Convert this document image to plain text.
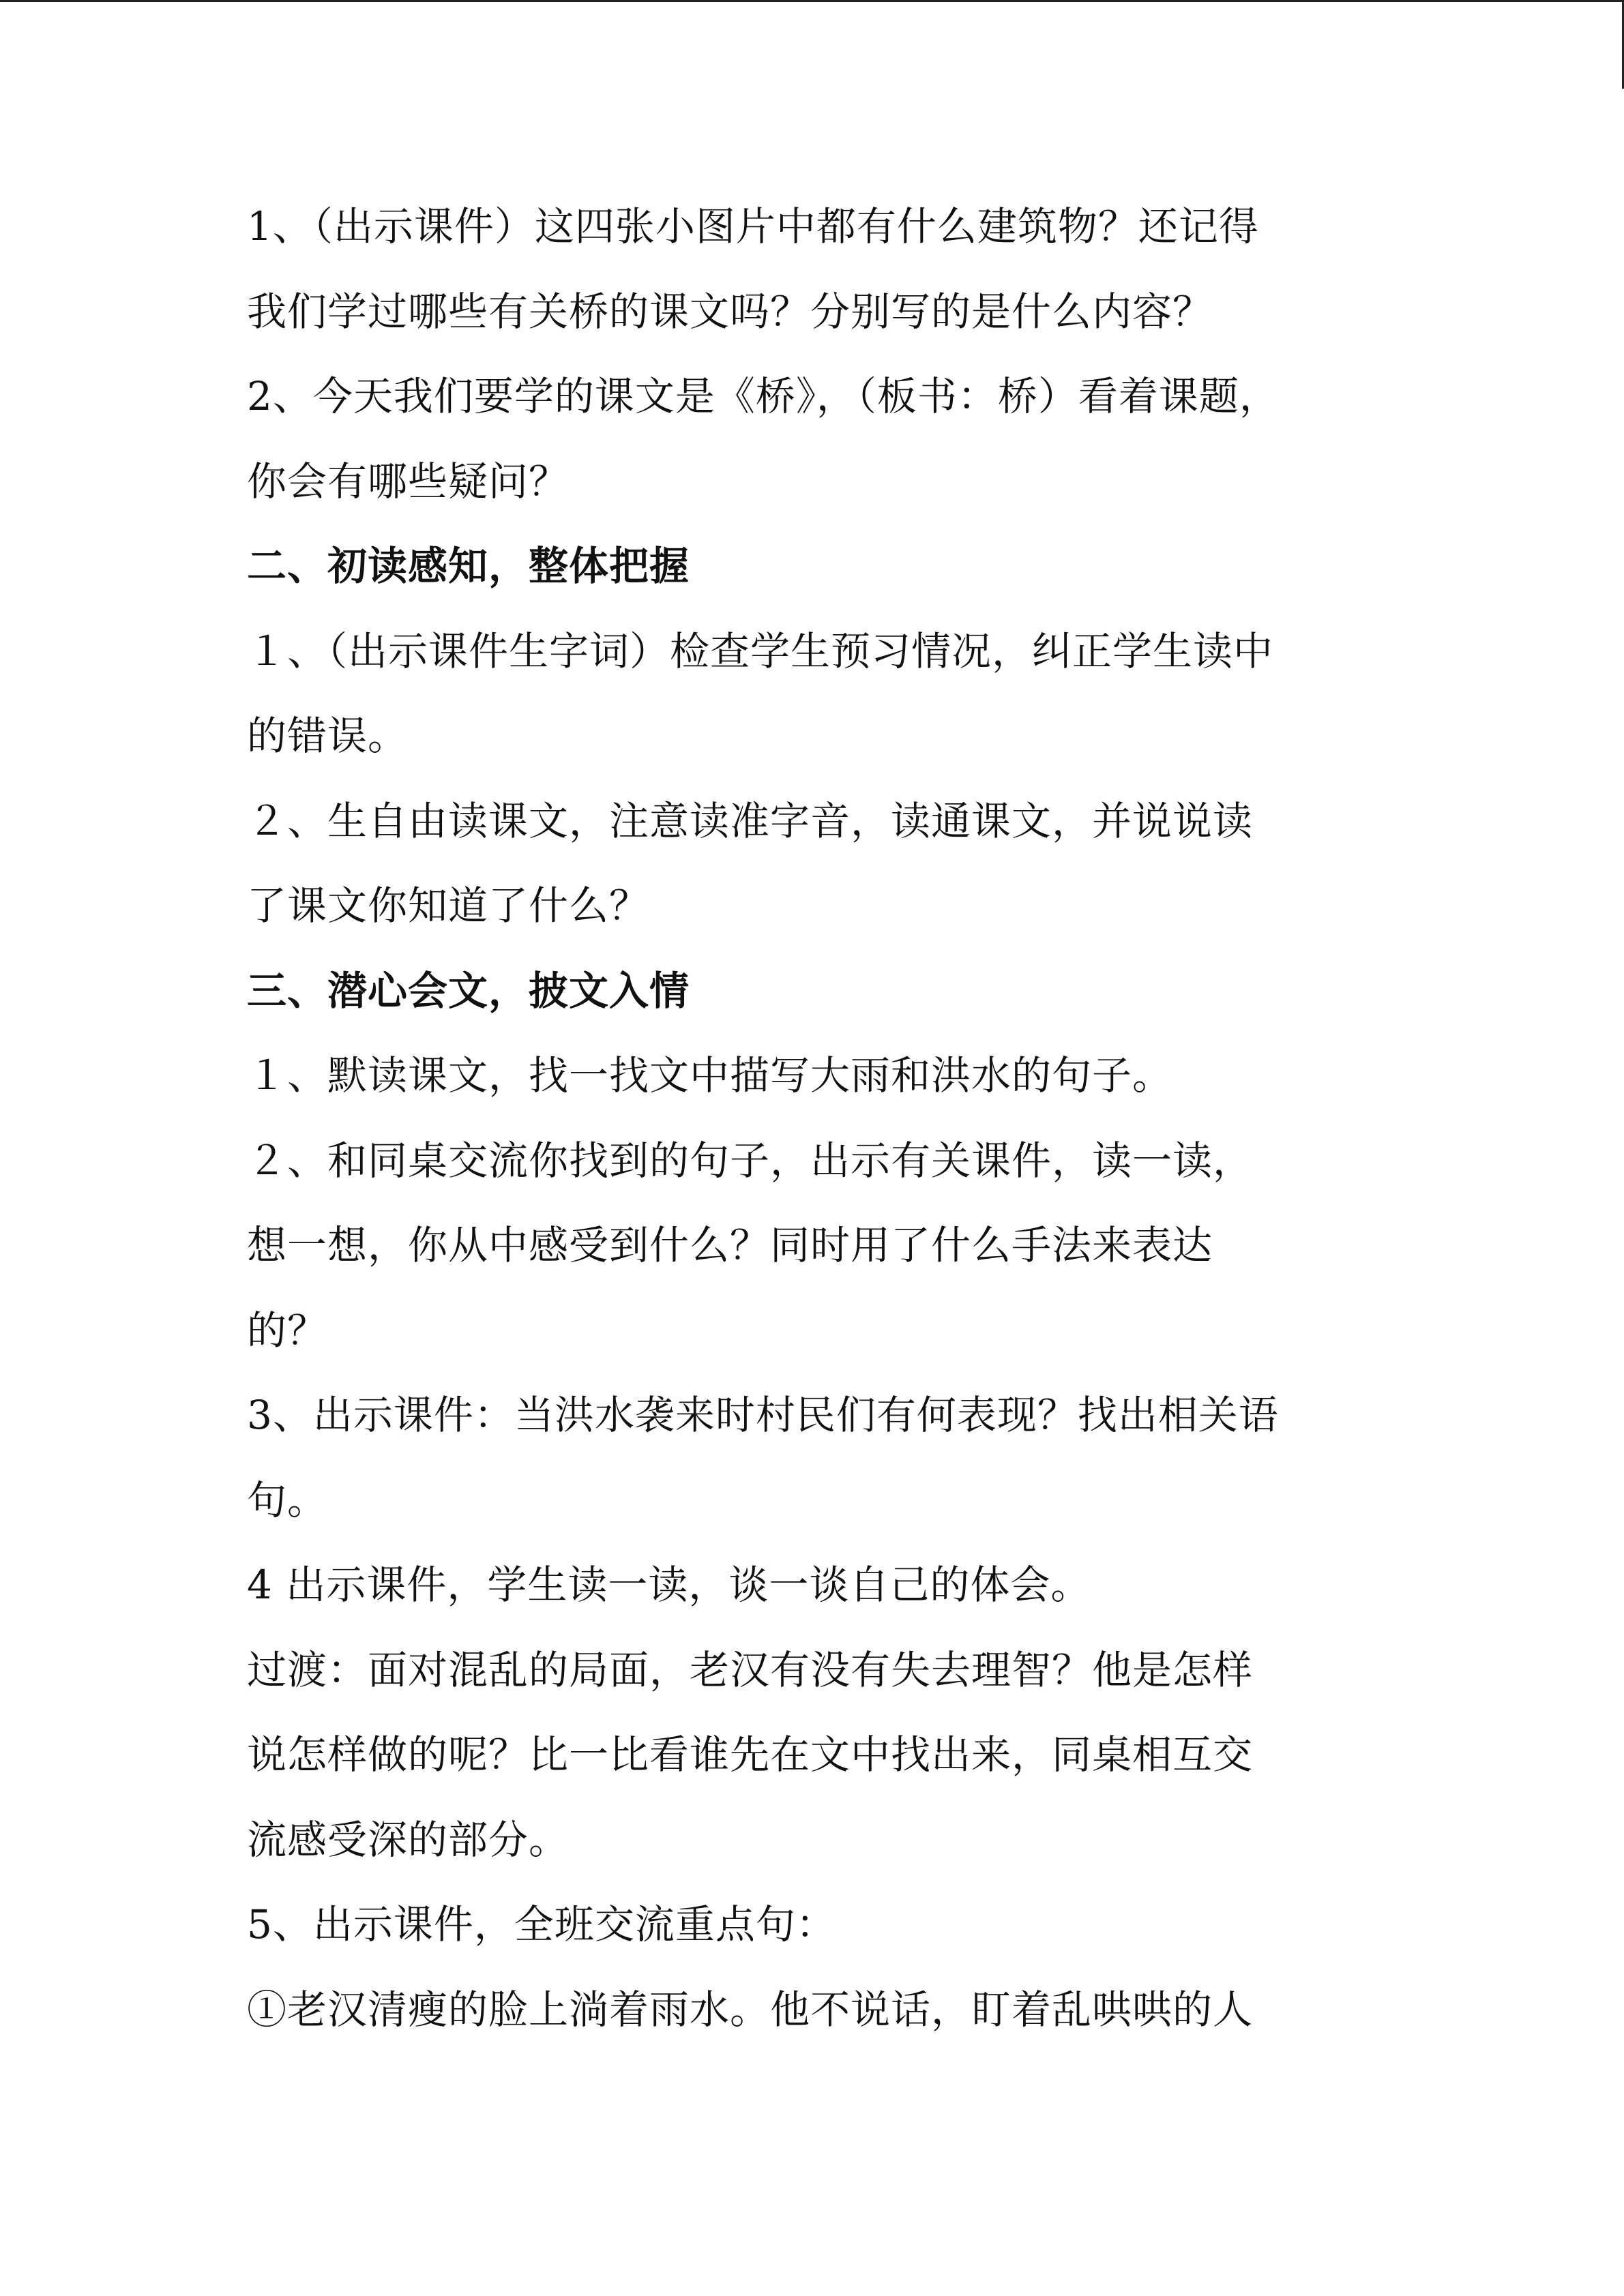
1、（出示课件）这四张小图片中都有什么建筑物？还记得
我们学过哪些有关桥的课文吗？分别写的是什么内容？
2、今天我们要学的课文是《桥》，（板书：桥）看着课题，
你会有哪些疑问？
二、初读感知，整体把握
１、（出示课件生字词）检查学生预习情况，纠正学生读中
的错误。
２、生自由读课文，注意读准字音，读通课文，并说说读
了课文你知道了什么？
三、潜心会文，披文入情
１、默读课文，找一找文中描写大雨和洪水的句子。
２、和同桌交流你找到的句子，出示有关课件，读一读，
想一想，你从中感受到什么？同时用了什么手法来表达
的？
3、出示课件：当洪水袭来时村民们有何表现？找出相关语
句。
4 出示课件，学生读一读，谈一谈自己的体会。
过渡：面对混乱的局面，老汉有没有失去理智？他是怎样
说怎样做的呢？比一比看谁先在文中找出来，同桌相互交
流感受深的部分。
5、出示课件，全班交流重点句：
①老汉清瘦的脸上淌着雨水。他不说话，盯着乱哄哄的人
